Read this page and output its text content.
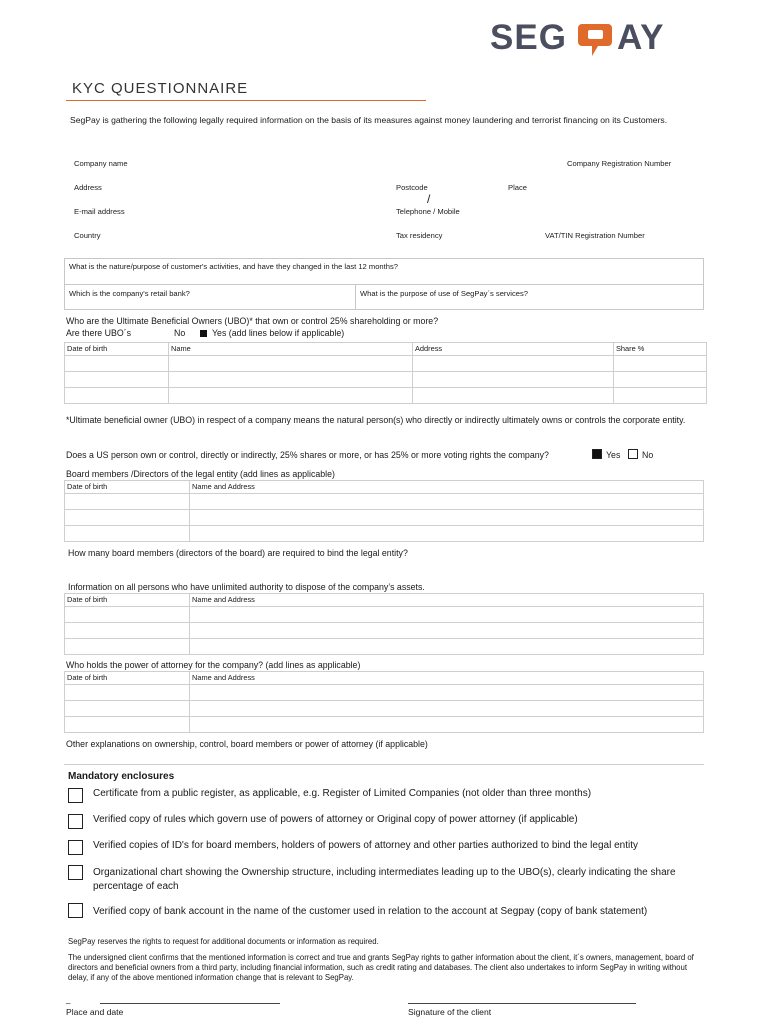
SEG AY
KYC QUESTIONNAIRE
SegPay is gathering the following legally required information on the basis of its measures against money laundering and terrorist financing on its Customers.
Company name	Company Registration Number
Address	Postcode	Place
/
E-mail address	Telephone / Mobile
Country	Tax residency	VAT/TIN Registration Number
What is the nature/purpose of customer's activities, and have they changed in the last 12 months?
Which is the company's retail bank?	What is the purpose of use of SegPay´s services?
Who are the Ultimate Beneficial Owners (UBO)* that own or control 25% shareholding or more?
Are there UBO´s	No	Yes (add lines below if applicable)
Date of birth	Name	Address	Share %

*Ultimate beneficial owner (UBO) in respect of a company means the natural person(s) who directly or indirectly ultimately owns or controls the corporate entity.
Does a US person own or control, directly or indirectly, 25% shares or more, or has 25% or more voting rights the company?	Yes No
Board members /Directors of the legal entity (add lines as applicable)
Date of birth	Name and Address

How many board members (directors of the board) are required to bind the legal entity?
Information on all persons who have unlimited authority to dispose of the company’s assets.
Date of birth	Name and Address

Who holds the power of attorney for the company? (add lines as applicable)
Date of birth	Name and Address

Other explanations on ownership, control, board members or power of attorney (if applicable)
Mandatory enclosures
Certificate from a public register, as applicable, e.g. Register of Limited Companies (not older than three months)
Verified copy of rules which govern use of powers of attorney or Original copy of power attorney (if applicable)
Verified copies of ID's for board members, holders of powers of attorney and other parties authorized to bind the legal entity
Organizational chart showing the Ownership structure, including intermediates leading up to the UBO(s), clearly indicating the share percentage of each
Verified copy of bank account in the name of the customer used in relation to the account at Segpay (copy of bank statement)
SegPay reserves the rights to request for additional documents or information as required.
The undersigned client confirms that the mentioned information is correct and true and grants SegPay rights to gather information about the client, it´s owners, management, board of directors and beneficial owners from a third party, including financial information, such as credit rating and databases. The client also undertakes to inform SegPay in writing without delay, if any of the above mentioned information change that is relevant to SegPay.
_
Place and date	Signature of the client
